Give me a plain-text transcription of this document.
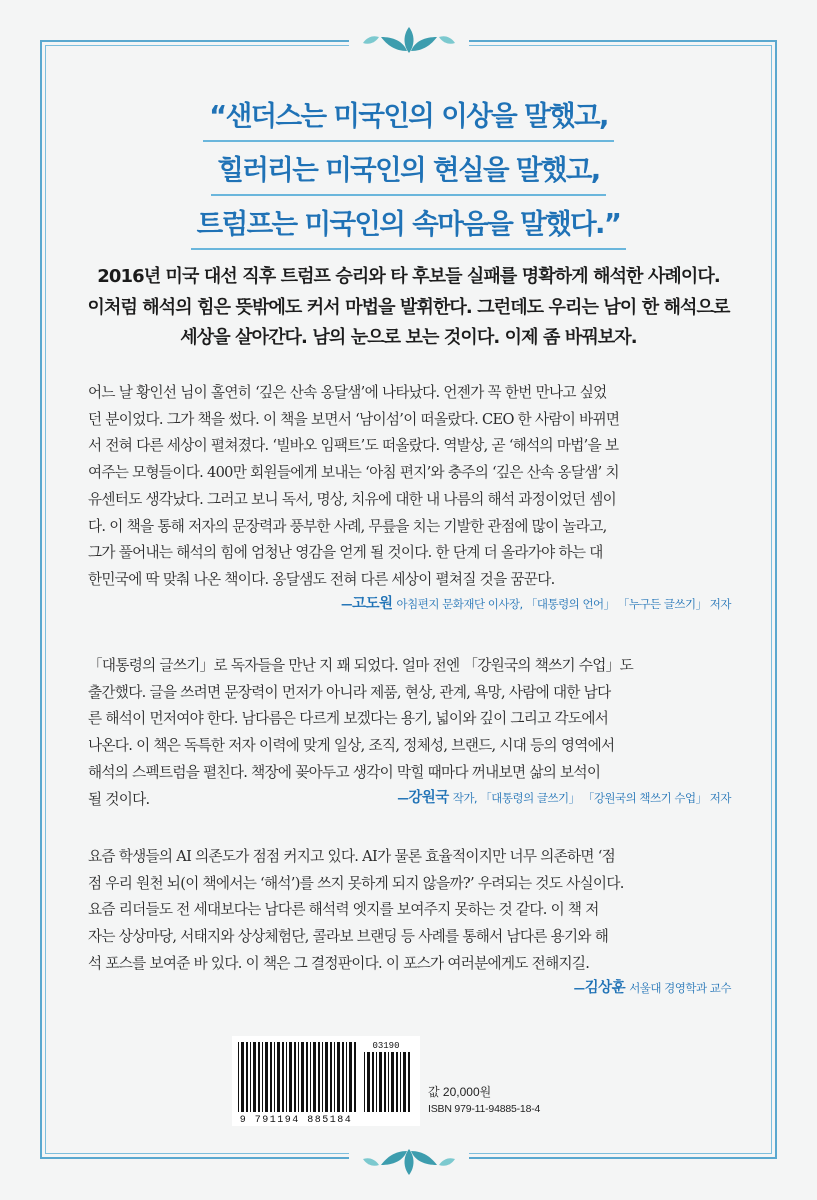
“샌더스는 미국인의 이상을 말했고,
힐러리는 미국인의 현실을 말했고,
트럼프는 미국인의 속마음을 말했다.”

2016년 미국 대선 직후 트럼프 승리와 타 후보들 실패를 명확하게 해석한 사례이다.

이처럼 해석의 힘은 뜻밖에도 커서 마법을 발휘한다. 그런데도 우리는 남이 한 해석으로

세상을 살아간다. 남의 눈으로 보는 것이다. 이제 좀 바꿔보자.

어느 날 황인선 님이 홀연히 ‘깊은 산속 옹달샘’에 나타났다. 언젠가 꼭 한번 만나고 싶었

던 분이었다. 그가 책을 썼다. 이 책을 보면서 ‘남이섬’이 떠올랐다. CEO 한 사람이 바뀌면

서 전혀 다른 세상이 펼쳐졌다. ‘빌바오 임팩트’도 떠올랐다. 역발상, 곧 ‘해석의 마법’을 보

여주는 모형들이다. 400만 회원들에게 보내는 ‘아침 편지’와 충주의 ‘깊은 산속 옹달샘’ 치

유센터도 생각났다. 그러고 보니 독서, 명상, 치유에 대한 내 나름의 해석 과정이었던 셈이

다. 이 책을 통해 저자의 문장력과 풍부한 사례, 무릎을 치는 기발한 관점에 많이 놀라고,

그가 풀어내는 해석의 힘에 엄청난 영감을 얻게 될 것이다. 한 단계 더 올라가야 하는 대

한민국에 딱 맞춰 나온 책이다. 옹달샘도 전혀 다른 세상이 펼쳐질 것을 꿈꾼다.

—고도원 아침편지 문화재단 이사장, 「대통령의 언어」 「누구든 글쓰기」 저자

「대통령의 글쓰기」로 독자들을 만난 지 꽤 되었다. 얼마 전엔 「강원국의 책쓰기 수업」도

출간했다. 글을 쓰려면 문장력이 먼저가 아니라 제품, 현상, 관계, 욕망, 사람에 대한 남다

른 해석이 먼저여야 한다. 남다름은 다르게 보겠다는 용기, 넓이와 깊이 그리고 각도에서

나온다. 이 책은 독특한 저자 이력에 맞게 일상, 조직, 정체성, 브랜드, 시대 등의 영역에서

해석의 스펙트럼을 펼친다. 책장에 꽂아두고 생각이 막힐 때마다 꺼내보면 삶의 보석이

될 것이다.	—강원국 작가, 「대통령의 글쓰기」 「강원국의 책쓰기 수업」 저자

요즘 학생들의 AI 의존도가 점점 커지고 있다. AI가 물론 효율적이지만 너무 의존하면 ‘점

점 우리 원천 뇌(이 책에서는 ‘해석’)를 쓰지 못하게 되지 않을까?’ 우려되는 것도 사실이다.

요즘 리더들도 전 세대보다는 남다른 해석력 엣지를 보여주지 못하는 것 같다. 이 책 저

자는 상상마당, 서태지와 상상체험단, 콜라보 브랜딩 등 사례를 통해서 남다른 용기와 해

석 포스를 보여준 바 있다. 이 책은 그 결정판이다. 이 포스가 여러분에게도 전해지길.

—김상훈 서울대 경영학과 교수
03190
9 791194 885184
값 20,000원
ISBN 979-11-94885-18-4
